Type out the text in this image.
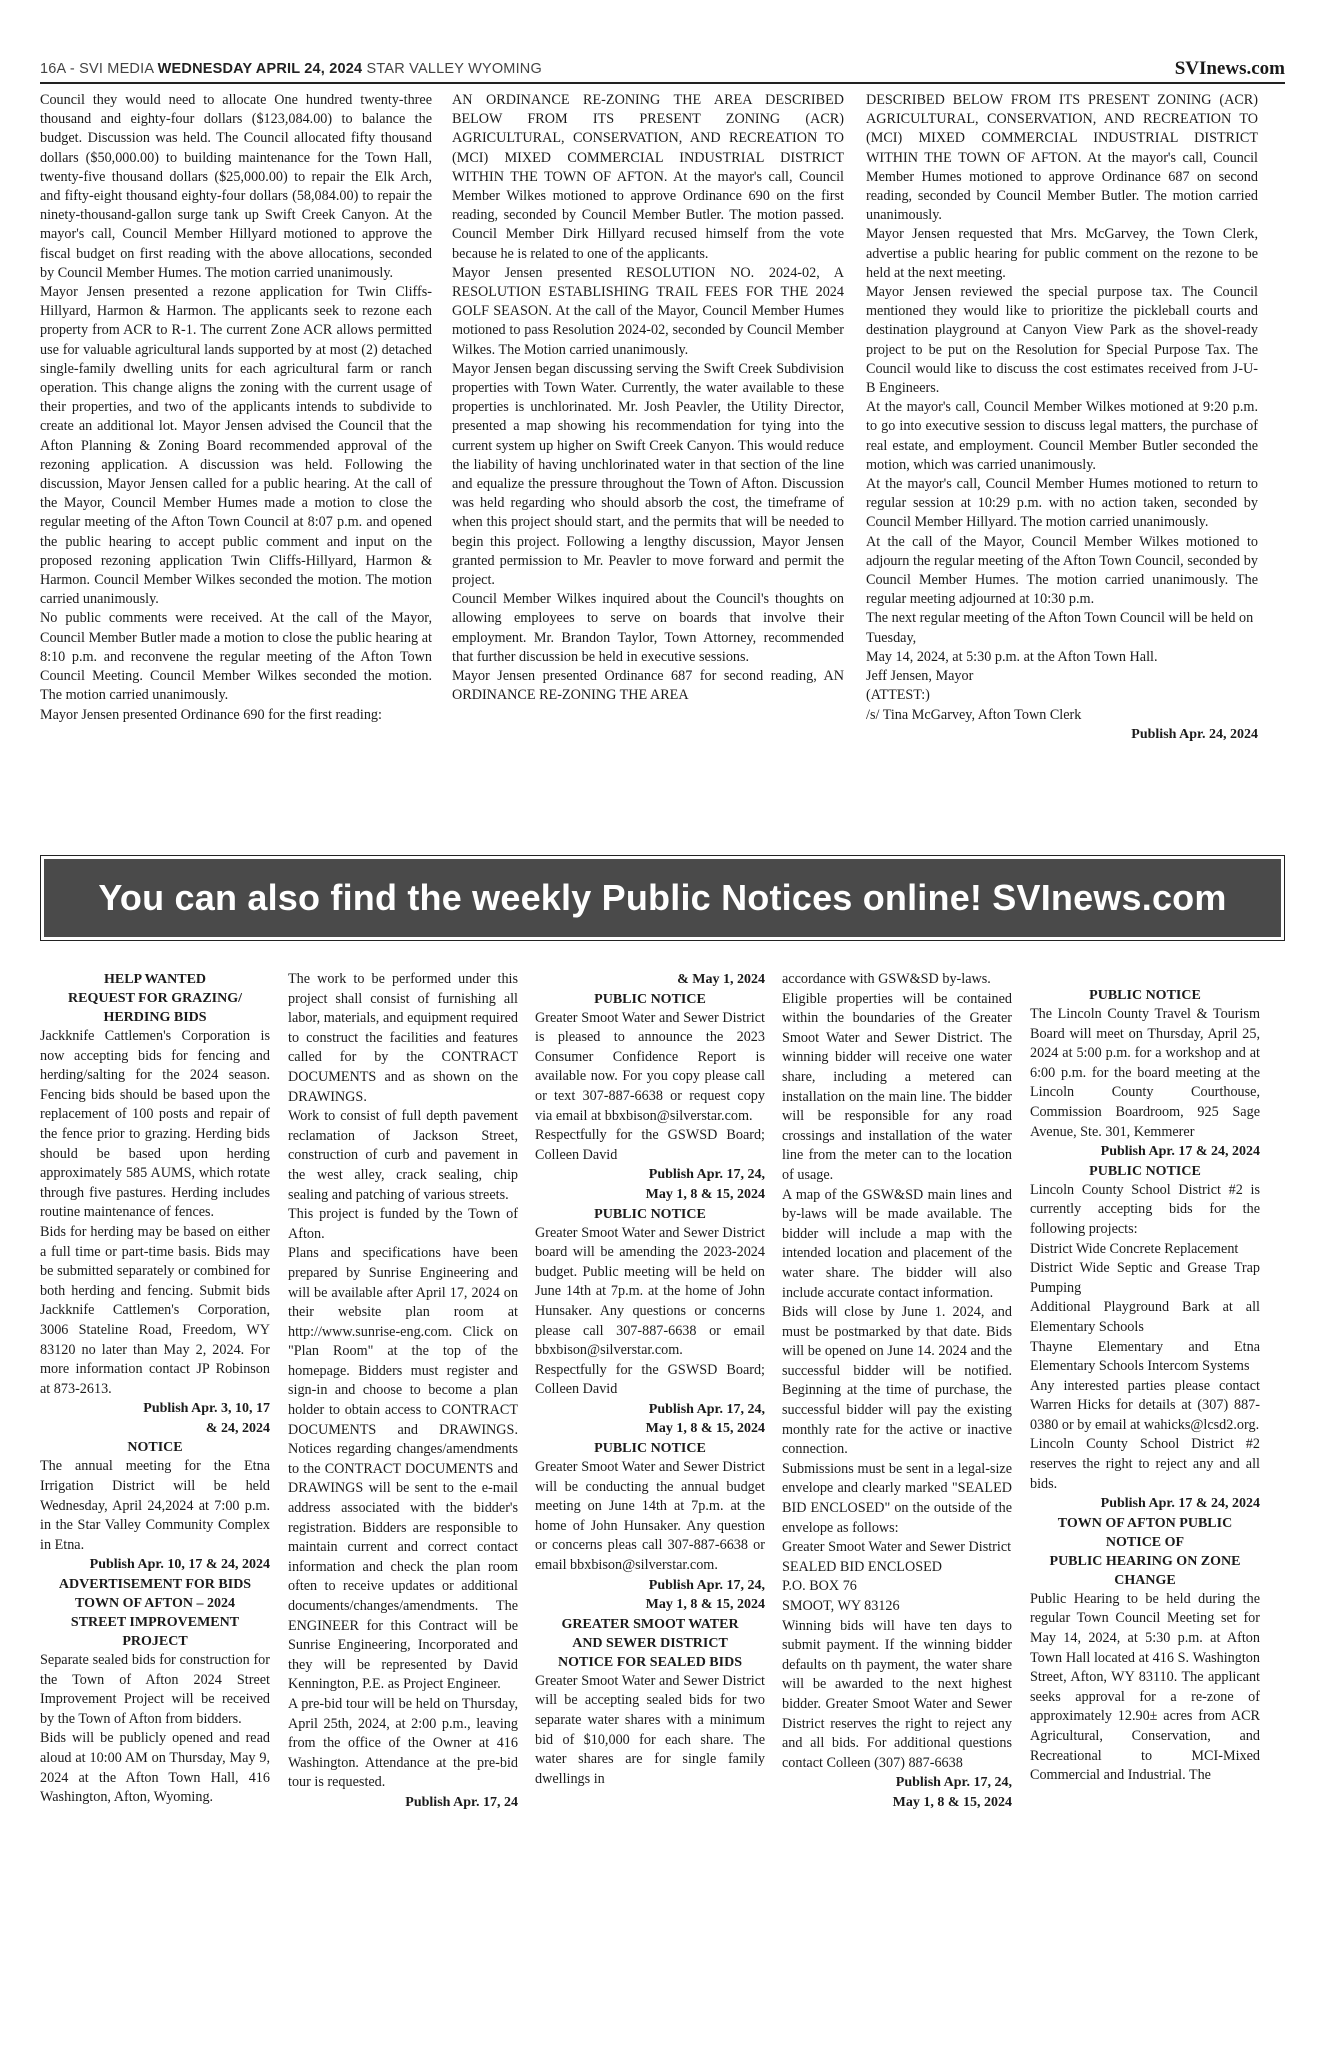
16A - SVI MEDIA WEDNESDAY APRIL 24, 2024 STAR VALLEY WYOMING	SVInews.com

Council they would need to allocate One hundred twenty-three thousand and eighty-four dollars ($123,084.00) to balance the budget. Discussion was held. The Council allocated fifty thousand dollars ($50,000.00) to building maintenance for the Town Hall, twenty-five thousand dollars ($25,000.00) to repair the Elk Arch, and fifty-eight thousand eighty-four dollars (58,084.00) to repair the ninety-thousand-gallon surge tank up Swift Creek Canyon. At the mayor's call, Council Member Hillyard motioned to approve the fiscal budget on first reading with the above allocations, seconded by Council Member Humes. The motion carried unanimously.

Mayor Jensen presented a rezone application for Twin Cliffs-Hillyard, Harmon & Harmon. The applicants seek to rezone each property from ACR to R-1. The current Zone ACR allows permitted use for valuable agricultural lands supported by at most (2) detached single-family dwelling units for each agricultural farm or ranch operation. This change aligns the zoning with the current usage of their properties, and two of the applicants intends to subdivide to create an additional lot. Mayor Jensen advised the Council that the Afton Planning & Zoning Board recommended approval of the rezoning application. A discussion was held. Following the discussion, Mayor Jensen called for a public hearing. At the call of the Mayor, Council Member Humes made a motion to close the regular meeting of the Afton Town Council at 8:07 p.m. and opened the public hearing to accept public comment and input on the proposed rezoning application Twin Cliffs-Hillyard, Harmon & Harmon. Council Member Wilkes seconded the motion. The motion carried unanimously.

No public comments were received. At the call of the Mayor, Council Member Butler made a motion to close the public hearing at 8:10 p.m. and reconvene the regular meeting of the Afton Town Council Meeting. Council Member Wilkes seconded the motion. The motion carried unanimously.

Mayor Jensen presented Ordinance 690 for the first reading:

AN ORDINANCE RE-ZONING THE AREA DESCRIBED BELOW FROM ITS PRESENT ZONING (ACR) AGRICULTURAL, CONSERVATION, AND RECREATION TO (MCI) MIXED COMMERCIAL INDUSTRIAL DISTRICT WITHIN THE TOWN OF AFTON. At the mayor's call, Council Member Wilkes motioned to approve Ordinance 690 on the first reading, seconded by Council Member Butler. The motion passed. Council Member Dirk Hillyard recused himself from the vote because he is related to one of the applicants.

Mayor Jensen presented RESOLUTION NO. 2024-02, A RESOLUTION ESTABLISHING TRAIL FEES FOR THE 2024 GOLF SEASON. At the call of the Mayor, Council Member Humes motioned to pass Resolution 2024-02, seconded by Council Member Wilkes. The Motion carried unanimously.

Mayor Jensen began discussing serving the Swift Creek Subdivision properties with Town Water. Currently, the water available to these properties is unchlorinated. Mr. Josh Peavler, the Utility Director, presented a map showing his recommendation for tying into the current system up higher on Swift Creek Canyon. This would reduce the liability of having unchlorinated water in that section of the line and equalize the pressure throughout the Town of Afton. Discussion was held regarding who should absorb the cost, the timeframe of when this project should start, and the permits that will be needed to begin this project. Following a lengthy discussion, Mayor Jensen granted permission to Mr. Peavler to move forward and permit the project.

Council Member Wilkes inquired about the Council's thoughts on allowing employees to serve on boards that involve their employment. Mr. Brandon Taylor, Town Attorney, recommended that further discussion be held in executive sessions.

Mayor Jensen presented Ordinance 687 for second reading, AN ORDINANCE RE-ZONING THE AREA

DESCRIBED BELOW FROM ITS PRESENT ZONING (ACR) AGRICULTURAL, CONSERVATION, AND RECREATION TO (MCI) MIXED COMMERCIAL INDUSTRIAL DISTRICT WITHIN THE TOWN OF AFTON. At the mayor's call, Council Member Humes motioned to approve Ordinance 687 on second reading, seconded by Council Member Butler. The motion carried unanimously.

Mayor Jensen requested that Mrs. McGarvey, the Town Clerk, advertise a public hearing for public comment on the rezone to be held at the next meeting.

Mayor Jensen reviewed the special purpose tax. The Council mentioned they would like to prioritize the pickleball courts and destination playground at Canyon View Park as the shovel-ready project to be put on the Resolution for Special Purpose Tax. The Council would like to discuss the cost estimates received from J-U-B Engineers.

At the mayor's call, Council Member Wilkes motioned at 9:20 p.m. to go into executive session to discuss legal matters, the purchase of real estate, and employment. Council Member Butler seconded the motion, which was carried unanimously.

At the mayor's call, Council Member Humes motioned to return to regular session at 10:29 p.m. with no action taken, seconded by Council Member Hillyard. The motion carried unanimously.

At the call of the Mayor, Council Member Wilkes motioned to adjourn the regular meeting of the Afton Town Council, seconded by Council Member Humes. The motion carried unanimously. The regular meeting adjourned at 10:30 p.m.

The next regular meeting of the Afton Town Council will be held on Tuesday,

May 14, 2024, at 5:30 p.m. at the Afton Town Hall.

Jeff Jensen, Mayor

(ATTEST:)

/s/ Tina McGarvey, Afton Town Clerk

Publish Apr. 24, 2024

You can also find the weekly Public Notices online! SVInews.com

HELP WANTED

REQUEST FOR GRAZING/

HERDING BIDS

Jackknife Cattlemen's Corporation is now accepting bids for fencing and herding/salting for the 2024 season. Fencing bids should be based upon the replacement of 100 posts and repair of the fence prior to grazing. Herding bids should be based upon herding approximately 585 AUMS, which rotate through five pastures. Herding includes routine maintenance of fences.

Bids for herding may be based on either a full time or part-time basis. Bids may be submitted separately or combined for both herding and fencing. Submit bids Jackknife Cattlemen's Corporation, 3006 Stateline Road, Freedom, WY 83120 no later than May 2, 2024. For more information contact JP Robinson at 873-2613.

Publish Apr. 3, 10, 17

& 24, 2024

NOTICE

The annual meeting for the Etna Irrigation District will be held Wednesday, April 24,2024 at 7:00 p.m. in the Star Valley Community Complex in Etna.

Publish Apr. 10, 17 & 24, 2024

ADVERTISEMENT FOR BIDS

TOWN OF AFTON – 2024

STREET IMPROVEMENT

PROJECT

Separate sealed bids for construction for the Town of Afton 2024 Street Improvement Project will be received by the Town of Afton from bidders.

Bids will be publicly opened and read aloud at 10:00 AM on Thursday, May 9, 2024 at the Afton Town Hall, 416 Washington, Afton, Wyoming.

The work to be performed under this project shall consist of furnishing all labor, materials, and equipment required to construct the facilities and features called for by the CONTRACT DOCUMENTS and as shown on the DRAWINGS.

Work to consist of full depth pavement reclamation of Jackson Street, construction of curb and pavement in the west alley, crack sealing, chip sealing and patching of various streets.

This project is funded by the Town of Afton.

Plans and specifications have been prepared by Sunrise Engineering and will be available after April 17, 2024 on their website plan room at http://www.sunrise-eng.com. Click on "Plan Room" at the top of the homepage. Bidders must register and sign-in and choose to become a plan holder to obtain access to CONTRACT DOCUMENTS and DRAWINGS. Notices regarding changes/amendments to the CONTRACT DOCUMENTS and DRAWINGS will be sent to the e-mail address associated with the bidder's registration. Bidders are responsible to maintain current and correct contact information and check the plan room often to receive updates or additional documents/changes/amendments. The ENGINEER for this Contract will be Sunrise Engineering, Incorporated and they will be represented by David Kennington, P.E. as Project Engineer.

A pre-bid tour will be held on Thursday, April 25th, 2024, at 2:00 p.m., leaving from the office of the Owner at 416 Washington. Attendance at the pre-bid tour is requested.

Publish Apr. 17, 24

& May 1, 2024

PUBLIC NOTICE

Greater Smoot Water and Sewer District is pleased to announce the 2023 Consumer Confidence Report is available now. For you copy please call or text 307-887-6638 or request copy via email at bbxbison@silverstar.com.

Respectfully for the GSWSD Board; Colleen David

Publish Apr. 17, 24,

May 1, 8 & 15, 2024

PUBLIC NOTICE

Greater Smoot Water and Sewer District board will be amending the 2023-2024 budget. Public meeting will be held on June 14th at 7p.m. at the home of John Hunsaker. Any questions or concerns please call 307-887-6638 or email bbxbison@silverstar.com.

Respectfully for the GSWSD Board; Colleen David

Publish Apr. 17, 24,

May 1, 8 & 15, 2024

PUBLIC NOTICE

Greater Smoot Water and Sewer District will be conducting the annual budget meeting on June 14th at 7p.m. at the home of John Hunsaker. Any question or concerns pleas call 307-887-6638 or email bbxbison@silverstar.com.

Publish Apr. 17, 24,

May 1, 8 & 15, 2024

GREATER SMOOT WATER

AND SEWER DISTRICT

NOTICE FOR SEALED BIDS

Greater Smoot Water and Sewer District will be accepting sealed bids for two separate water shares with a minimum bid of $10,000 for each share. The water shares are for single family dwellings in

accordance with GSW&SD by-laws.

Eligible properties will be contained within the boundaries of the Greater Smoot Water and Sewer District. The winning bidder will receive one water share, including a metered can installation on the main line. The bidder will be responsible for any road crossings and installation of the water line from the meter can to the location of usage.

A map of the GSW&SD main lines and by-laws will be made available. The bidder will include a map with the intended location and placement of the water share. The bidder will also include accurate contact information.

Bids will close by June 1. 2024, and must be postmarked by that date. Bids will be opened on June 14. 2024 and the successful bidder will be notified. Beginning at the time of purchase, the successful bidder will pay the existing monthly rate for the active or inactive connection.

Submissions must be sent in a legal-size envelope and clearly marked "SEALED BID ENCLOSED" on the outside of the envelope as follows:

Greater Smoot Water and Sewer District

SEALED BID ENCLOSED

P.O. BOX 76

SMOOT, WY 83126

Winning bids will have ten days to submit payment. If the winning bidder defaults on th payment, the water share will be awarded to the next highest bidder. Greater Smoot Water and Sewer District reserves the right to reject any and all bids. For additional questions contact Colleen (307) 887-6638

Publish Apr. 17, 24,

May 1, 8 & 15, 2024

PUBLIC NOTICE

The Lincoln County Travel & Tourism Board will meet on Thursday, April 25, 2024 at 5:00 p.m. for a workshop and at 6:00 p.m. for the board meeting at the Lincoln County Courthouse, Commission Boardroom, 925 Sage Avenue, Ste. 301, Kemmerer

Publish Apr. 17 & 24, 2024

PUBLIC NOTICE

Lincoln County School District #2 is currently accepting bids for the following projects:

District Wide Concrete Replacement

District Wide Septic and Grease Trap Pumping

Additional Playground Bark at all Elementary Schools

Thayne Elementary and Etna Elementary Schools Intercom Systems

Any interested parties please contact Warren Hicks for details at (307) 887-0380 or by email at wahicks@lcsd2.org.

Lincoln County School District #2 reserves the right to reject any and all bids.

Publish Apr. 17 & 24, 2024

TOWN OF AFTON PUBLIC

NOTICE OF

PUBLIC HEARING ON ZONE

CHANGE

Public Hearing to be held during the regular Town Council Meeting set for May 14, 2024, at 5:30 p.m. at Afton Town Hall located at 416 S. Washington Street, Afton, WY 83110. The applicant seeks approval for a re-zone of approximately 12.90± acres from ACR Agricultural, Conservation, and Recreational to MCI-Mixed Commercial and Industrial. The
